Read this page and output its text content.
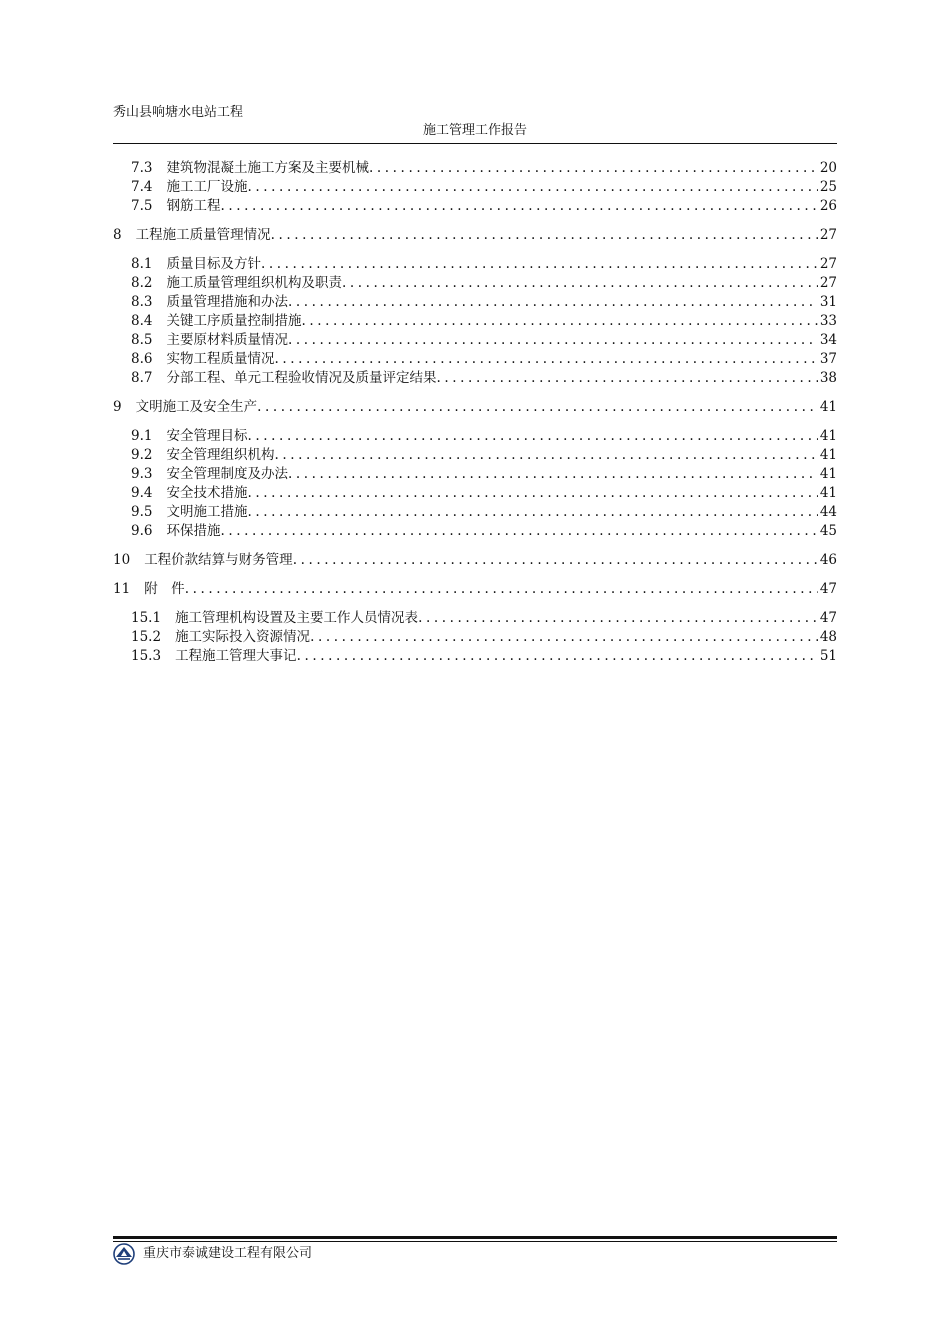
秀山县响塘水电站工程
施工管理工作报告
7.3 建筑物混凝土施工方案及主要机械 .....	20
7.4 施工工厂设施 .....	25
7.5 钢筋工程 .....	26
8 工程施工质量管理情况 .....	27
8.1 质量目标及方针 .....	27
8.2 施工质量管理组织机构及职责 .....	27
8.3 质量管理措施和办法 .....	31
8.4 关键工序质量控制措施 .....	33
8.5 主要原材料质量情况 .....	34
8.6 实物工程质量情况 .....	37
8.7 分部工程、单元工程验收情况及质量评定结果 .....	38
9 文明施工及安全生产 .....	41
9.1 安全管理目标 .....	41
9.2 安全管理组织机构 .....	41
9.3 安全管理制度及办法 .....	41
9.4 安全技术措施 .....	41
9.5 文明施工措施 .....	44
9.6 环保措施 .....	45
10 工程价款结算与财务管理 .....	46
11 附　件 .....	47
15.1 施工管理机构设置及主要工作人员情况表 .....	47
15.2 施工实际投入资源情况 .....	48
15.3 工程施工管理大事记 .....	51
重庆市泰诚建设工程有限公司
